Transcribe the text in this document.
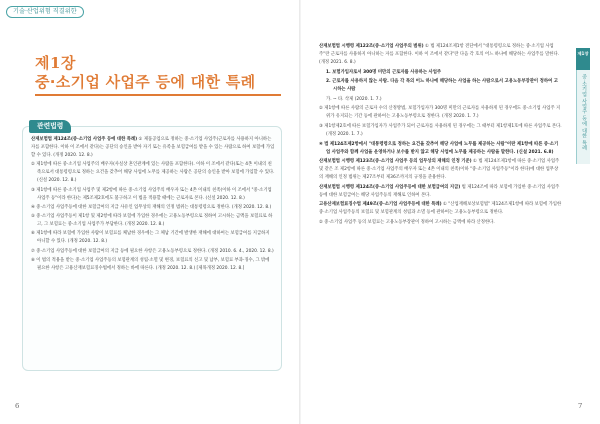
기술·산업위험 직결위한
제1장
중·소기업 사업주 등에 대한 특례
관련법령

산재보험법 제124조(중·소기업 사업주 등에 대한 특례) ① 제품공업으로 정하는 중·소기업 사업주(근로자를 사용하지 아니하는 자를 포함한다. 이하 이 조에서 같다)는 공단의 승인을 받아 자기 또는 유족을 보험급여를 받을 수 있는 사람으로 하여 보험에 가입할 수 있다. (개정 2020. 12. 8.)

② 제1항에 따른 중·소기업 사업주의 배우자(사실상 혼인관계에 있는 사람을 포함한다). 이하 이 조에서 같다)또는 4촌 이내의 친족으로서 대통령령으로 정하는 요건을 갖추어 해당 사업에 노무를 제공하는 사람은 공단의 승인을 받아 보험에 가입할 수 있다. (신설 2020. 12. 8.)

③ 제1항에 따른 중·소기업 사업주 및 제2항에 따른 중·소기업 사업주의 배우자 또는 4촌 이내의 친족(이하 이 조에서 "중·소기업 사업주 등"이라 한다)는 제5조제2호에도 불구하고 이 법을 적용할 때에는 근로자로 본다. (신설 2020. 12. 8.)

④ 중·소기업 사업주등에 대한 보험급여의 지급 사유인 업무상의 재해의 인정 범위는 대통령령으로 정한다. (개정 2020. 12. 8.)

⑤ 중·소기업 사업주등이 제1항 및 제2항에 따라 보험에 가입한 경우에는 고용노동부령으로 정하여 고시하는 금액을 보험료로 하고, 그 보험료는 중·소기업 사업주가 부담한다. (개정 2020. 12. 8.)

⑥ 제1항에 따라 보험에 가입한 사람이 보험료를 체납한 경우에는 그 체납 기간에 발생한 재해에 대하여는 보험급여를 지급하지 아니할 수 있다. (개정 2020. 12. 8.)

⑦ 중·소기업 사업주등에 대한 보험급여의 지급 등에 필요한 사항은 고용노동부령으로 정한다. (개정 2010. 6. 4., 2020. 12. 8.)

⑧ 이 법의 적용을 받는 중·소기업 사업주등의 보험관계의 성립·소멸 및 변경, 보험료의 신고 및 납부, 보험료 부과·징수, 그 밖에 필요한 사항은 고용산재보험료징수법에서 정하는 바에 따른다. (개정 2020. 12. 8.) [제목개정 2020. 12. 8.]

6

산재보험법 시행령 제122조(중·소기업 사업주의 범위) ① 법 제124조제1항 전단에서 "대통령령으로 정하는 중·소기업 사업주"란 근로자를 사용하지 아니하는 자를 포함한다. 이하 이 조에서 같다"란 다음 각 호의 어느 하나에 해당하는 사업주를 말한다. (개정 2021. 6. 8.)

1. 보험가입자로서 300명 미만의 근로자를 사용하는 사업주

2. 근로자를 사용하지 않는 사람. 다음 각 목의 어느 하나에 해당하는 사업을 하는 사람으로서 고용노동부장관이 정하여 고시하는 사람

가. ~ 타. 삭제 (2020. 1. 7.)

② 제1항에 따른 사람의 근로자 수의 산정방법, 보험가입자가 300명 미만의 근로자를 사용하게 된 경우에도 중·소기업 사업주 지위가 유지되는 기간 등에 관하여는 고용노동부령으로 정한다. (개정 2020. 1. 7.)

③ 제1항제2호에 따른 보험가입자가 사업주가 되어 근로자를 사용하게 된 경우에는 그 때부터 제1항제1호에 따른 사업주로 본다. (개정 2020. 1. 7.)

④ 법 제124조제2항에서 "대통령령으로 정하는 요건을 갖추어 해당 사업에 노무를 제공하는 사람"이란 제1항에 따른 중·소기업 사업주와 함께 사업을 운영하거나 보수를 받지 않고 해당 사업에 노무를 제공하는 사람을 말한다. (신설 2021. 6.8)

산재보험법 시행령 제123조(중·소기업 사업주 등의 업무상의 재해의 인정 기준) ① 법 제124조제1항에 따른 중·소기업 사업주 및 같은 조 제2항에 따른 중·소기업 사업주의 배우자 또는 4촌 이내의 친족(이하 "중·소기업 사업주등"이라 한다)에 대한 업무상의 재해의 인정 범위는 제27조부터 제36조까지의 규정을 준용한다.

산재보험법 시행령 제124조(중·소기업 사업주등에 대한 보험급여의 지급) 법 제124조에 따라 보험에 가입한 중·소기업 사업주등에 대한 보험급여는 해당 사업주등의 재해로 인하여 본다.

고용산재보험료징수법 제49조(중·소기업 사업주등에 대한 특례) ① "산업재해보상보험법" 제124조제1항에 따라 보험에 가입한 중·소기업 사업주등의 보험료 및 보험관계의 성립과 소멸 등에 관하여는 고용노동부령으로 정한다.

② 중·소기업 사업주 등의 보험료는 고용노동부장관이 정하여 고시하는 금액에 따라 산정한다.

제1장
중·소기업 사업주 등에 대한 특례
7
